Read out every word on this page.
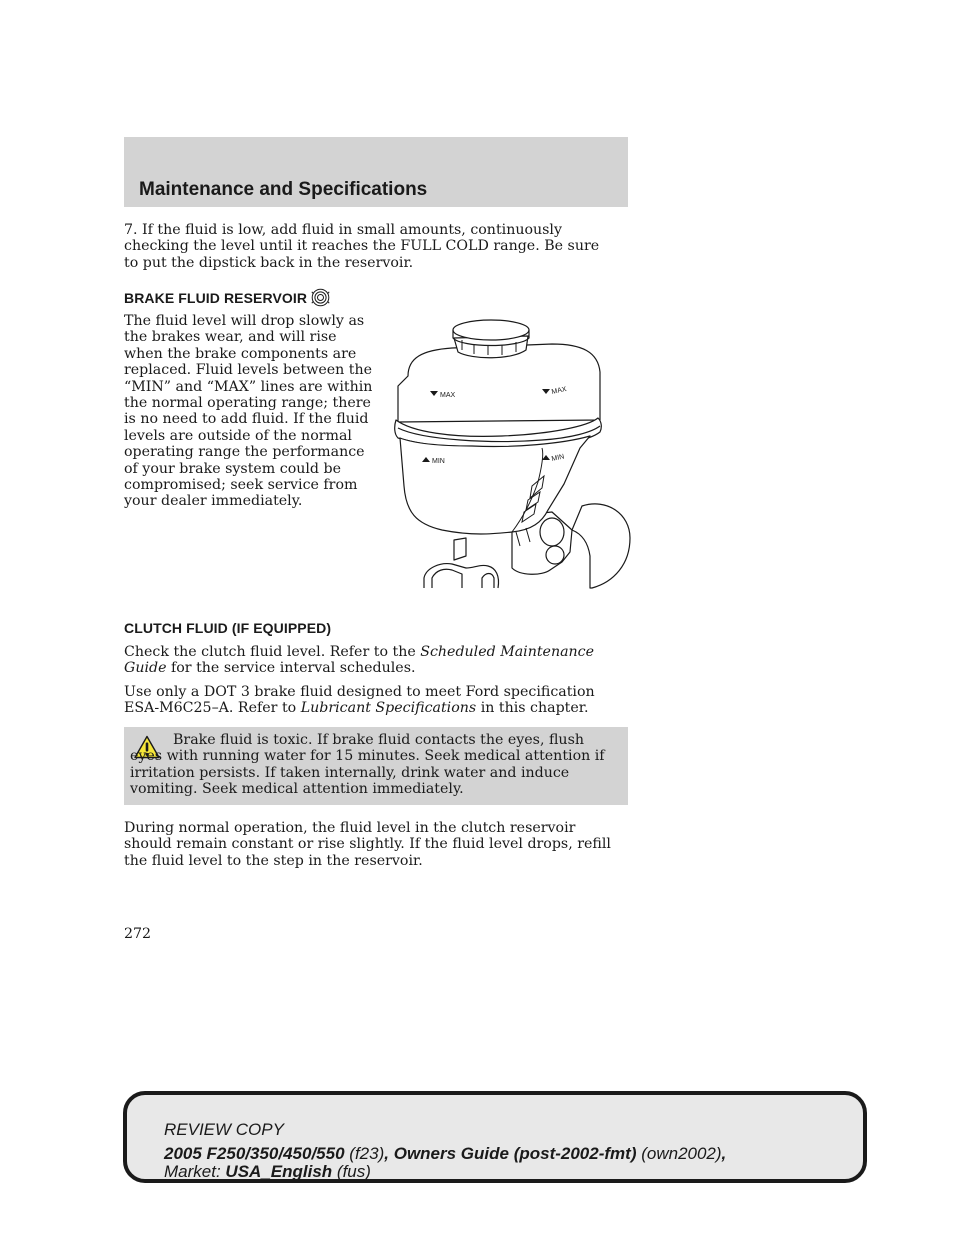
Maintenance and Specifications

7. If the fluid is low, add fluid in small amounts, continuously checking the level until it reaches the FULL COLD range. Be sure to put the dipstick back in the reservoir.

BRAKE FLUID RESERVOIR

The fluid level will drop slowly as the brakes wear, and will rise when the brake components are replaced. Fluid levels between the “MIN” and “MAX” lines are within the normal operating range; there is no need to add fluid. If the fluid levels are outside of the normal operating range the performance of your brake system could be compromised; seek service from your dealer immediately.

MAX	MAX
MIN	MIN
CLUTCH FLUID (IF EQUIPPED)

Check the clutch fluid level. Refer to the Scheduled Maintenance Guide for the service interval schedules.

Use only a DOT 3 brake fluid designed to meet Ford specification ESA-M6C25–A. Refer to Lubricant Specifications in this chapter.

Brake fluid is toxic. If brake fluid contacts the eyes, flush eyes with running water for 15 minutes. Seek medical attention if irritation persists. If taken internally, drink water and induce vomiting. Seek medical attention immediately.

During normal operation, the fluid level in the clutch reservoir should remain constant or rise slightly. If the fluid level drops, refill the fluid level to the step in the reservoir.

272

REVIEW COPY

2005 F250/350/450/550 (f23), Owners Guide (post-2002-fmt) (own2002),

Market: USA_English (fus)
